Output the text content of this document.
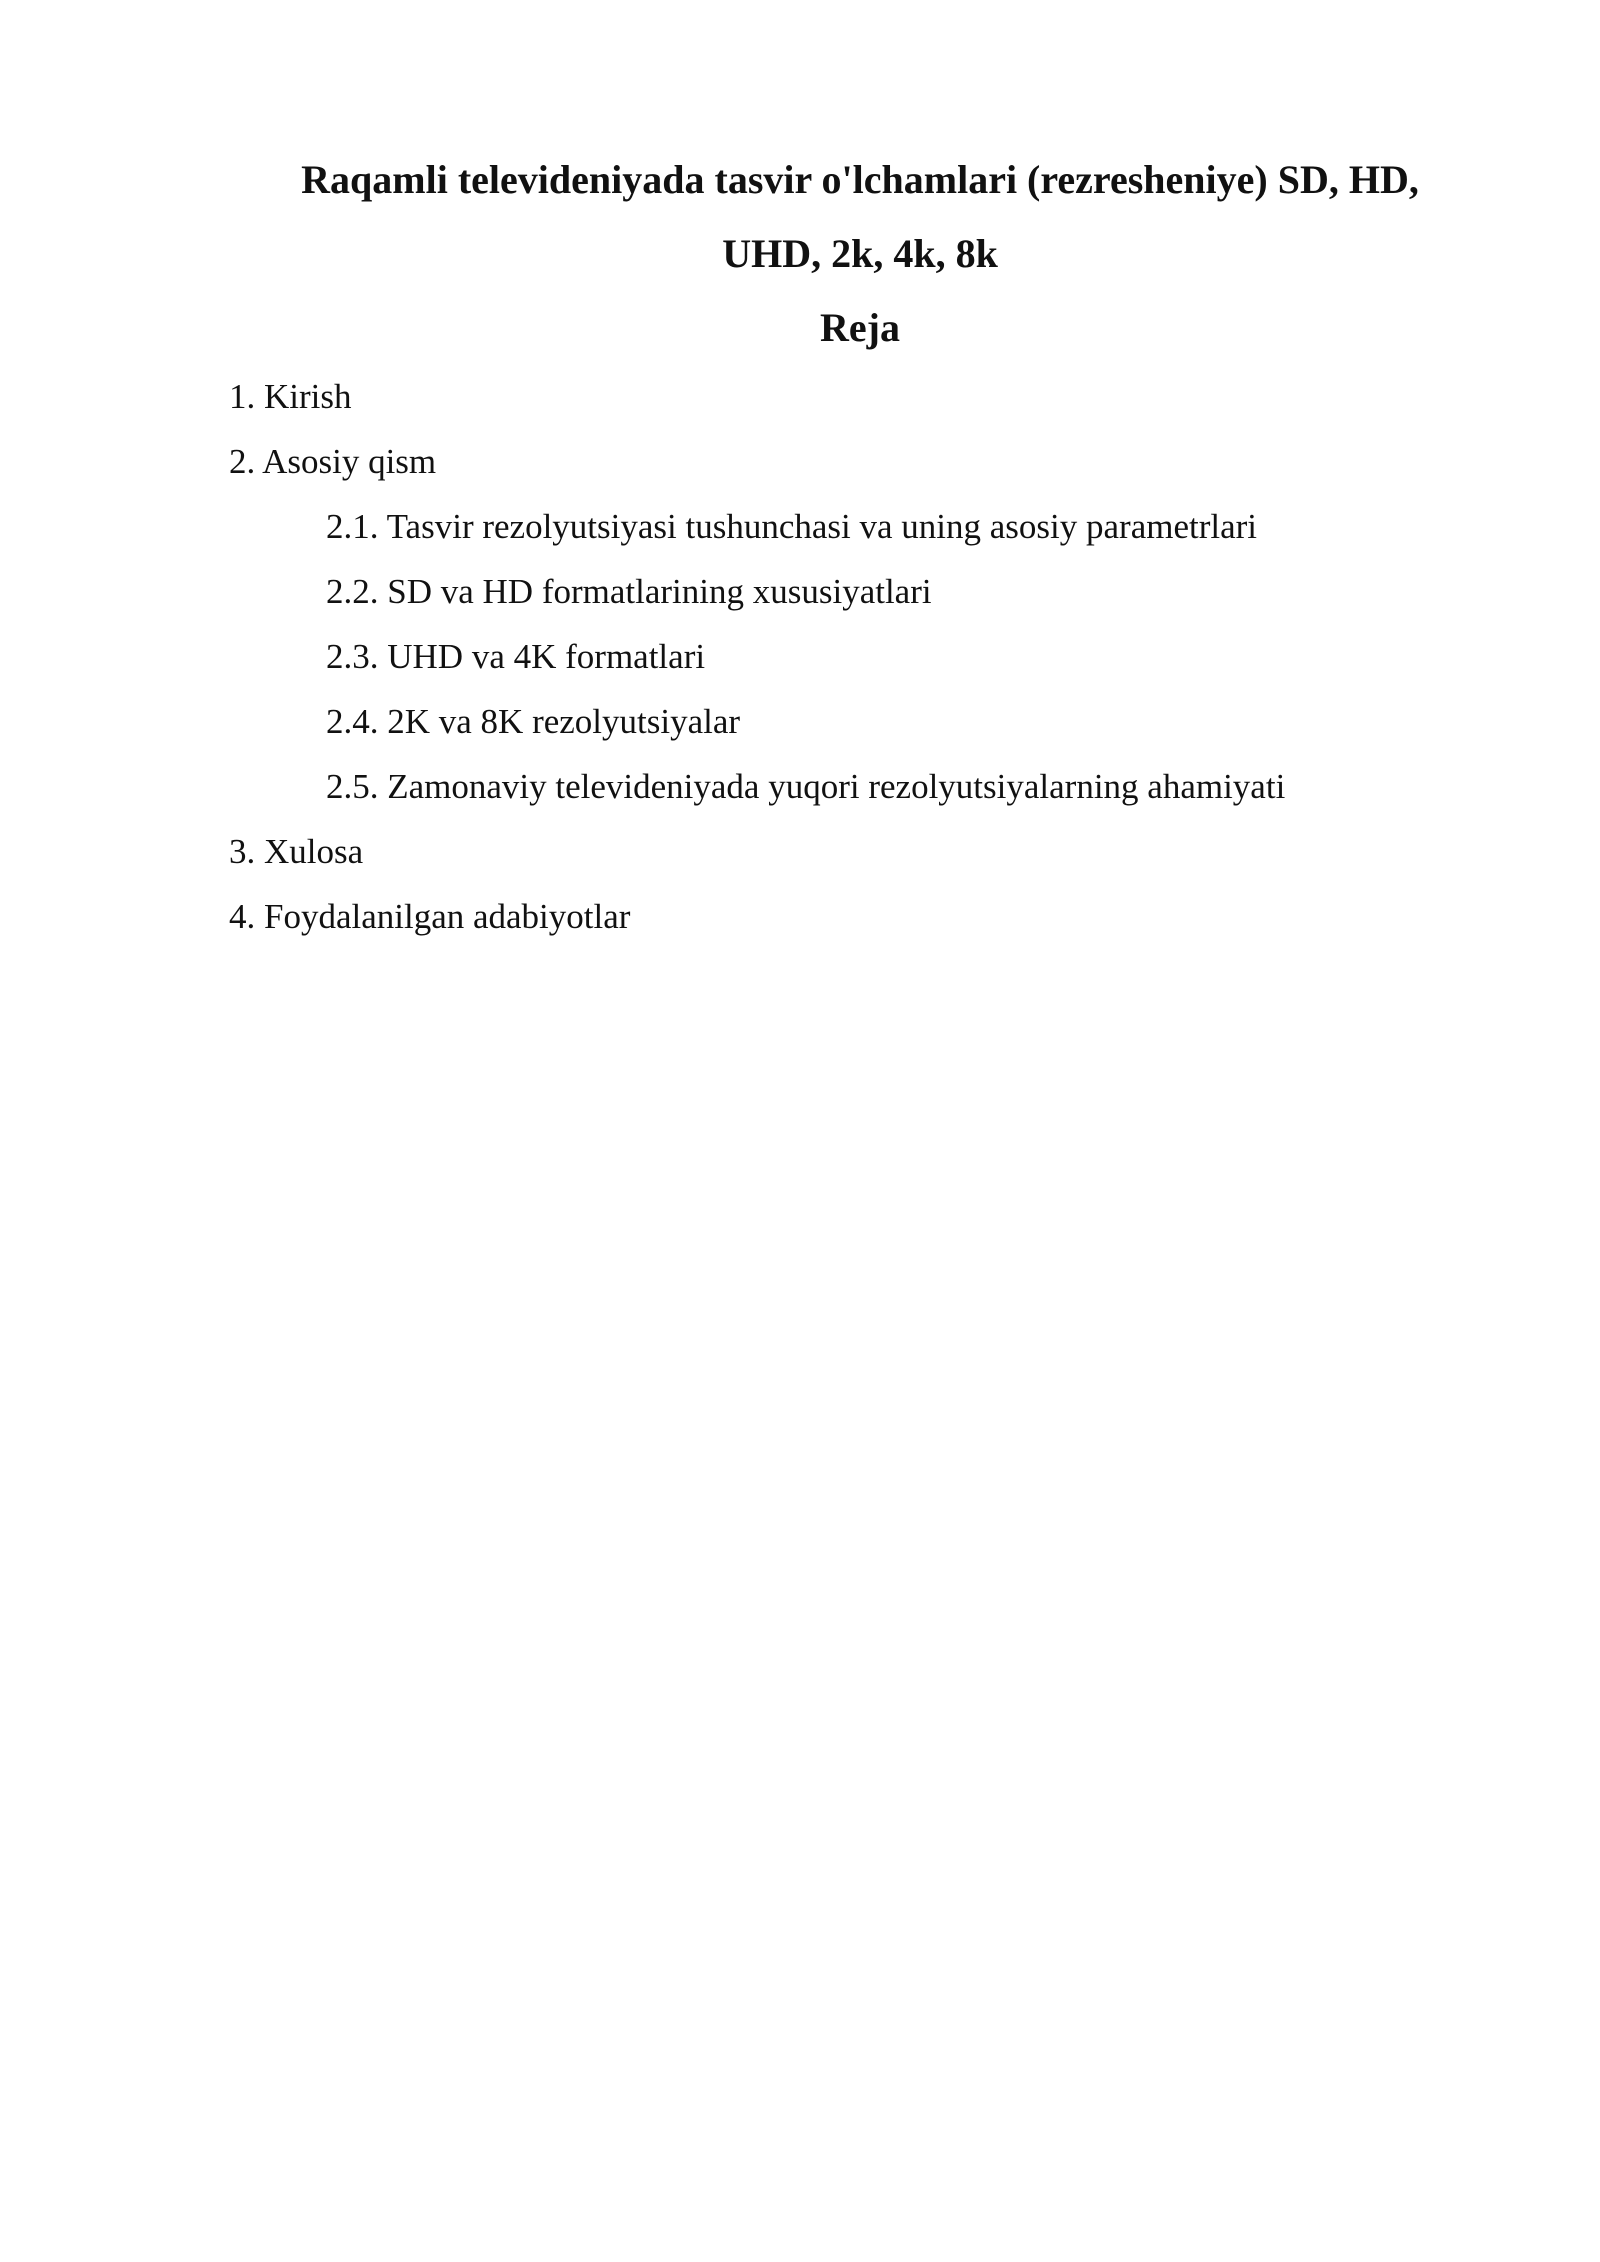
Raqamli televideniyada tasvir o'lchamlari (rezresheniye) SD, HD,
UHD, 2k, 4k, 8k
Reja
1. Kirish
2. Asosiy qism
2.1. Tasvir rezolyutsiyasi tushunchasi va uning asosiy parametrlari
2.2. SD va HD formatlarining xususiyatlari
2.3. UHD va 4K formatlari
2.4. 2K va 8K rezolyutsiyalar
2.5. Zamonaviy televideniyada yuqori rezolyutsiyalarning ahamiyati
3. Xulosa
4. Foydalanilgan adabiyotlar
